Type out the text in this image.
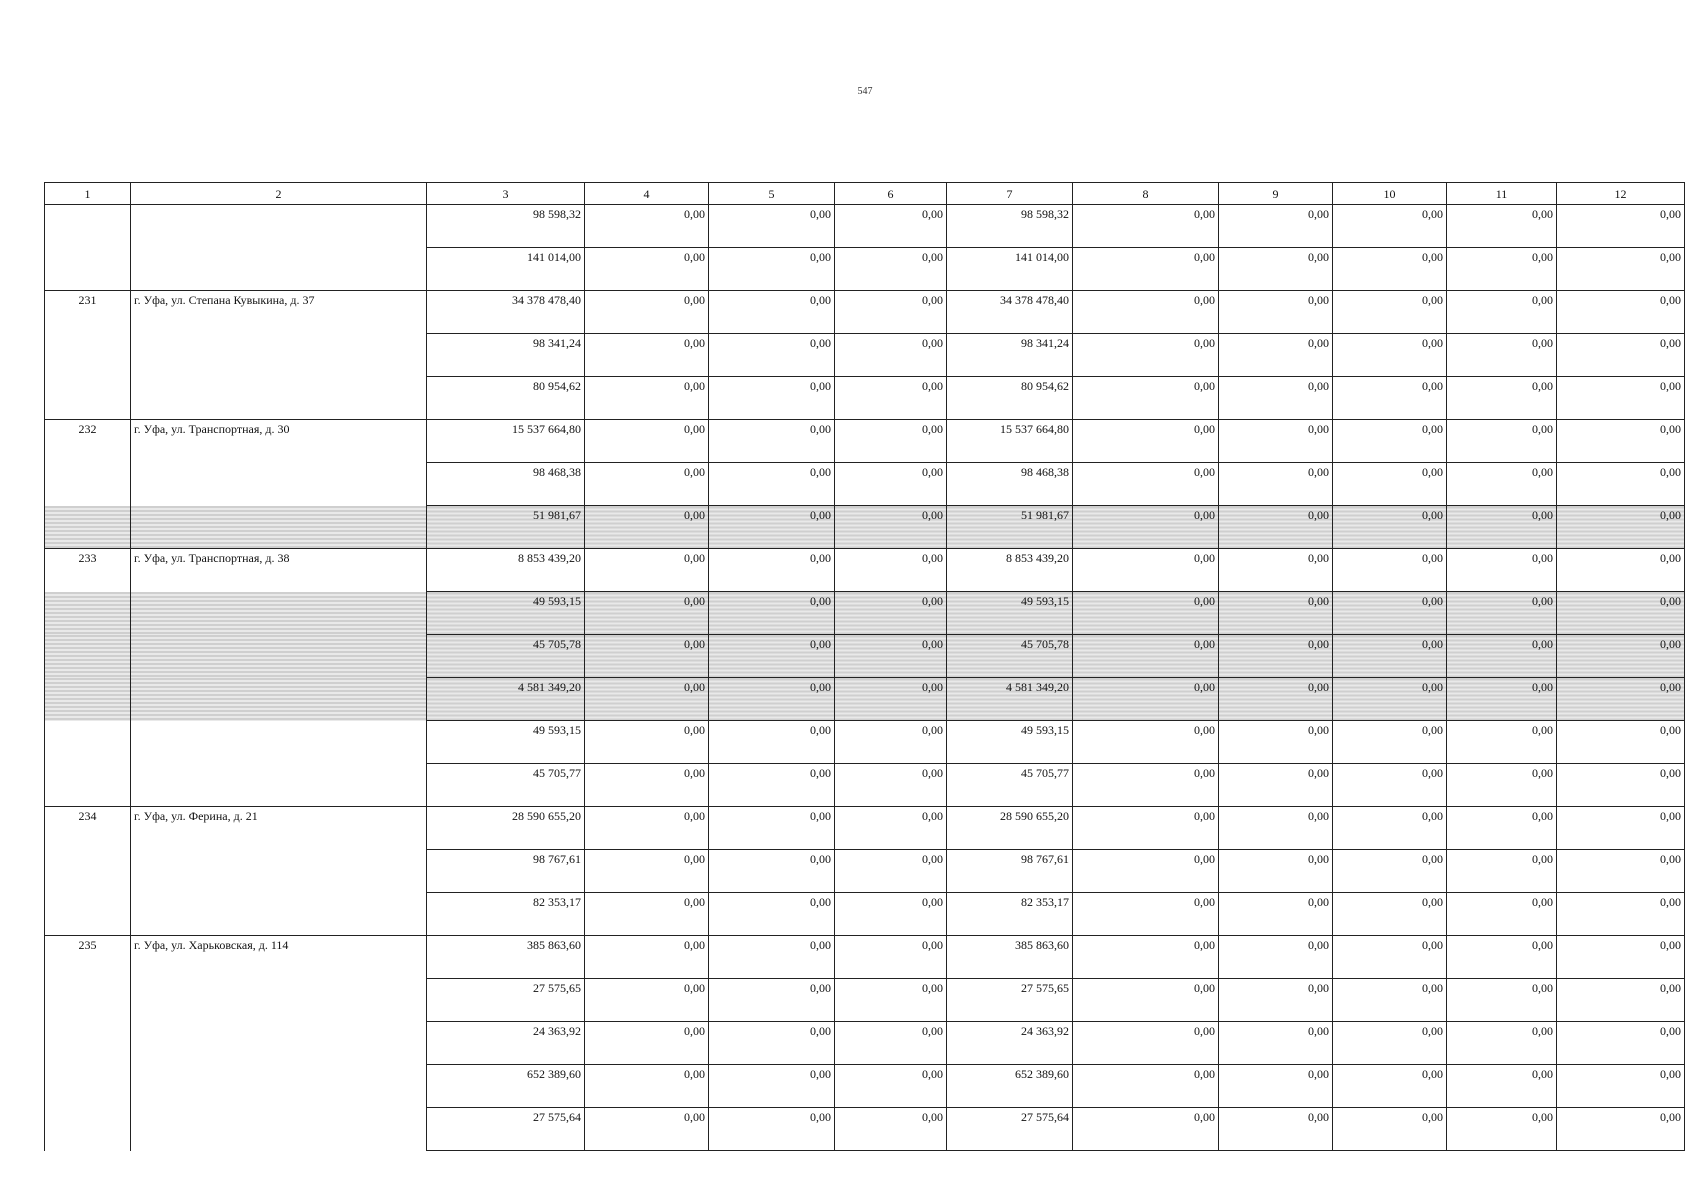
547
1	2	3	4	5	6	7	8	9	10	11	12
		98 598,32	0,00	0,00	0,00	98 598,32	0,00	0,00	0,00	0,00	0,00
		141 014,00	0,00	0,00	0,00	141 014,00	0,00	0,00	0,00	0,00	0,00
231	г. Уфа, ул. Степана Кувыкина, д. 37	34 378 478,40	0,00	0,00	0,00	34 378 478,40	0,00	0,00	0,00	0,00	0,00
		98 341,24	0,00	0,00	0,00	98 341,24	0,00	0,00	0,00	0,00	0,00
		80 954,62	0,00	0,00	0,00	80 954,62	0,00	0,00	0,00	0,00	0,00
232	г. Уфа, ул. Транспортная, д. 30	15 537 664,80	0,00	0,00	0,00	15 537 664,80	0,00	0,00	0,00	0,00	0,00
		98 468,38	0,00	0,00	0,00	98 468,38	0,00	0,00	0,00	0,00	0,00
		51 981,67	0,00	0,00	0,00	51 981,67	0,00	0,00	0,00	0,00	0,00
233	г. Уфа, ул. Транспортная, д. 38	8 853 439,20	0,00	0,00	0,00	8 853 439,20	0,00	0,00	0,00	0,00	0,00
		49 593,15	0,00	0,00	0,00	49 593,15	0,00	0,00	0,00	0,00	0,00
		45 705,78	0,00	0,00	0,00	45 705,78	0,00	0,00	0,00	0,00	0,00
		4 581 349,20	0,00	0,00	0,00	4 581 349,20	0,00	0,00	0,00	0,00	0,00
		49 593,15	0,00	0,00	0,00	49 593,15	0,00	0,00	0,00	0,00	0,00
		45 705,77	0,00	0,00	0,00	45 705,77	0,00	0,00	0,00	0,00	0,00
234	г. Уфа, ул. Ферина, д. 21	28 590 655,20	0,00	0,00	0,00	28 590 655,20	0,00	0,00	0,00	0,00	0,00
		98 767,61	0,00	0,00	0,00	98 767,61	0,00	0,00	0,00	0,00	0,00
		82 353,17	0,00	0,00	0,00	82 353,17	0,00	0,00	0,00	0,00	0,00
235	г. Уфа, ул. Харьковская, д. 114	385 863,60	0,00	0,00	0,00	385 863,60	0,00	0,00	0,00	0,00	0,00
		27 575,65	0,00	0,00	0,00	27 575,65	0,00	0,00	0,00	0,00	0,00
		24 363,92	0,00	0,00	0,00	24 363,92	0,00	0,00	0,00	0,00	0,00
		652 389,60	0,00	0,00	0,00	652 389,60	0,00	0,00	0,00	0,00	0,00
		27 575,64	0,00	0,00	0,00	27 575,64	0,00	0,00	0,00	0,00	0,00
